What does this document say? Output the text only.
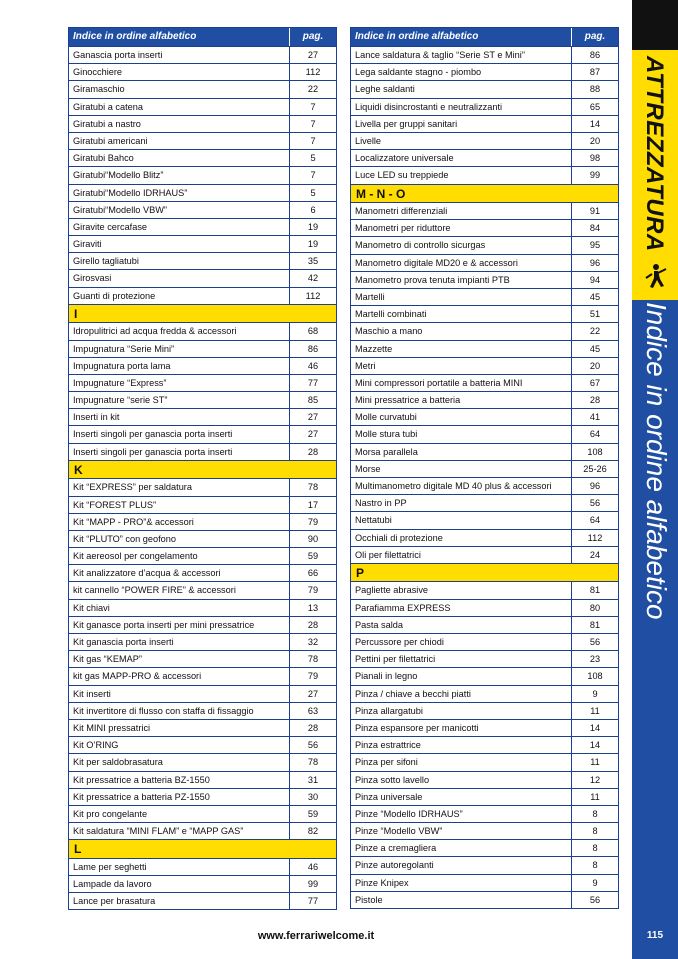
Indice in ordine alfabetico	pag.
Ganascia porta inserti	27
Ginocchiere	112
Giramaschio	22
Giratubi a catena	7
Giratubi a nastro	7
Giratubi americani	7
Giratubi Bahco	5
Giratubi“Modello Blitz”	7
Giratubi“Modello IDRHAUS”	5
Giratubi“Modello VBW”	6
Giravite cercafase	19
Giraviti	19
Girello tagliatubi	35
Girosvasi	42
Guanti di protezione	112
I
Idropulitrici ad acqua fredda & accessori	68
Impugnatura “Serie Mini”	86
Impugnatura porta lama	46
Impugnature “Express”	77
Impugnature “serie ST”	85
Inserti in kit	27
Inserti singoli per ganascia porta inserti	27
Inserti singoli per ganascia porta inserti	28
K
Kit “EXPRESS” per saldatura	78
Kit “FOREST PLUS”	17
Kit “MAPP - PRO”& accessori	79
Kit “PLUTO” con geofono	90
Kit aereosol per congelamento	59
Kit analizzatore d’acqua & accessori	66
kit cannello “POWER FIRE” & accessori	79
Kit chiavi	13
Kit ganasce porta inserti per mini pressatrice	28
Kit ganascia porta inserti	32
Kit gas “KEMAP”	78
kit gas MAPP-PRO & accessori	79
Kit inserti	27
Kit invertitore di flusso con staffa di fissaggio	63
Kit MINI pressatrici	28
Kit O’RING	56
Kit per saldobrasatura	78
Kit pressatrice a batteria BZ-1550	31
Kit pressatrice a batteria PZ-1550	30
Kit pro congelante	59
Kit saldatura “MINI FLAM” e “MAPP GAS”	82
L
Lame per seghetti	46
Lampade da lavoro	99
Lance per brasatura	77
Indice in ordine alfabetico	pag.
Lance saldatura & taglio “Serie ST e Mini”	86
Lega saldante stagno - piombo	87
Leghe saldanti	88
Liquidi disincrostanti e neutralizzanti	65
Livella per gruppi sanitari	14
Livelle	20
Localizzatore universale	98
Luce LED su treppiede	99
M - N - O
Manometri differenziali	91
Manometri per riduttore	84
Manometro di controllo sicurgas	95
Manometro digitale MD20 e & accessori	96
Manometro prova tenuta impianti PTB	94
Martelli	45
Martelli combinati	51
Maschio a mano	22
Mazzette	45
Metri	20
Mini compressori portatile a batteria MINI	67
Mini pressatrice a batteria	28
Molle curvatubi	41
Molle stura tubi	64
Morsa parallela	108
Morse	25-26
Multimanometro digitale MD 40 plus & accessori	96
Nastro in PP	56
Nettatubi	64
Occhiali di protezione	112
Oli per filettatrici	24
P
Pagliette abrasive	81
Parafiamma EXPRESS	80
Pasta salda	81
Percussore per chiodi	56
Pettini per filettatrici	23
Pianali in legno	108
Pinza / chiave a becchi piatti	9
Pinza allargatubi	11
Pinza espansore per manicotti	14
Pinza estrattrice	14
Pinza per sifoni	11
Pinza sotto lavello	12
Pinza universale	11
Pinze “Modello IDRHAUS”	8
Pinze “Modello VBW”	8
Pinze a cremagliera	8
Pinze autoregolanti	8
Pinze Knipex	9
Pistole	56
ATTREZZATURA
Indice in ordine alfabetico
www.ferrariwelcome.it	115
